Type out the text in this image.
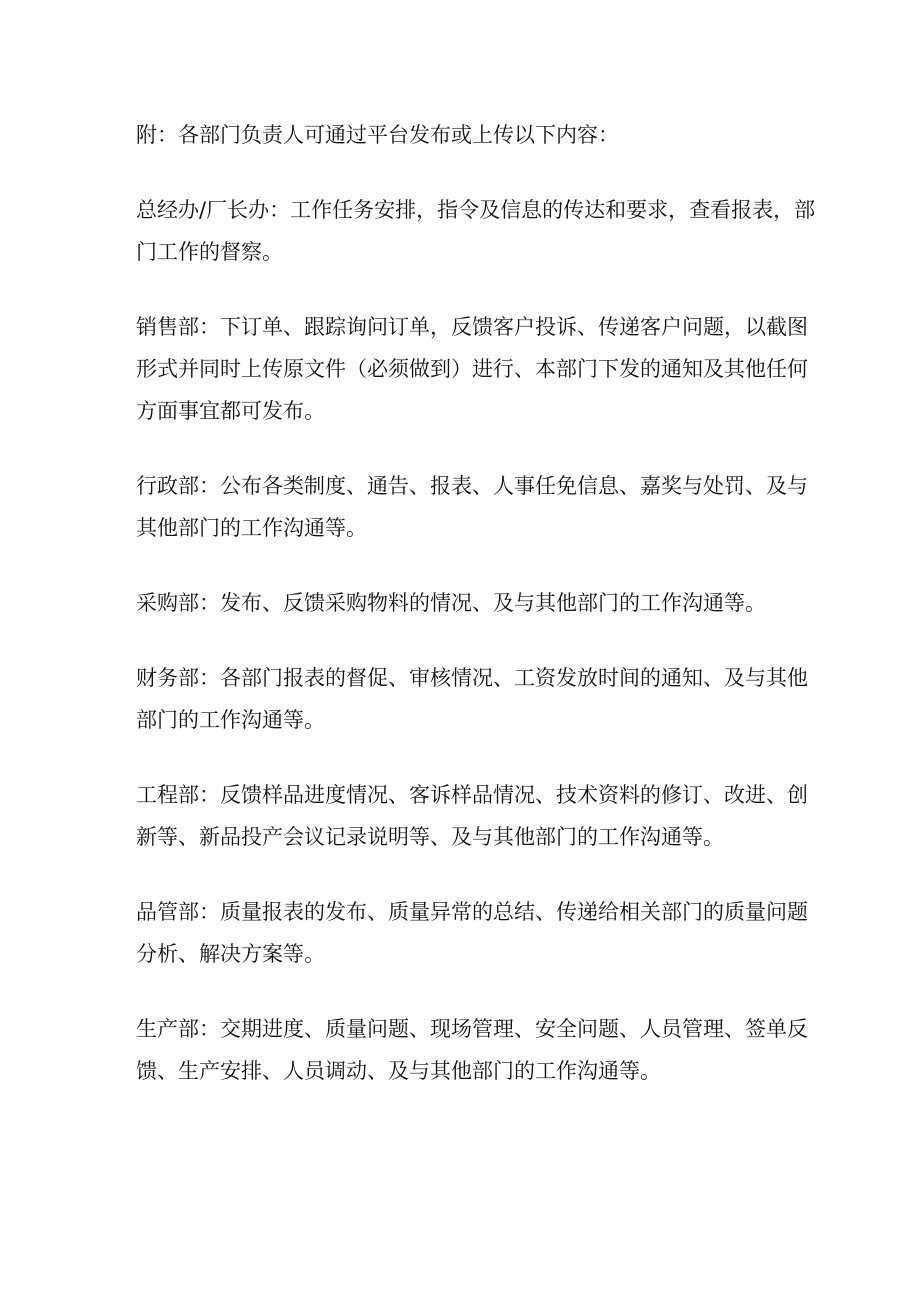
附：各部门负责人可通过平台发布或上传以下内容：

总经办/厂长办：工作任务安排，指令及信息的传达和要求，查看报表，部
门工作的督察。

销售部：下订单、跟踪询问订单，反馈客户投诉、传递客户问题，以截图
形式并同时上传原文件（必须做到）进行、本部门下发的通知及其他任何
方面事宜都可发布。

行政部：公布各类制度、通告、报表、人事任免信息、嘉奖与处罚、及与
其他部门的工作沟通等。

采购部：发布、反馈采购物料的情况、及与其他部门的工作沟通等。

财务部：各部门报表的督促、审核情况、工资发放时间的通知、及与其他
部门的工作沟通等。

工程部：反馈样品进度情况、客诉样品情况、技术资料的修订、改进、创
新等、新品投产会议记录说明等、及与其他部门的工作沟通等。

品管部：质量报表的发布、质量异常的总结、传递给相关部门的质量问题
分析、解决方案等。

生产部：交期进度、质量问题、现场管理、安全问题、人员管理、签单反
馈、生产安排、人员调动、及与其他部门的工作沟通等。
